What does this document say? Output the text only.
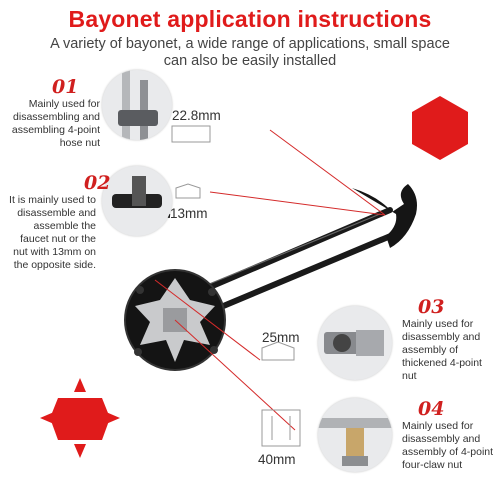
Bayonet application instructions
A variety of bayonet, a wide range of applications, small space can also be easily installed
01
Mainly used for disassembling and assembling 4-point hose nut
22.8mm
02
It is mainly used to disassemble and assemble the faucet nut or the nut with 13mm on the opposite side.
13mm
03
Mainly used for disassembly and assembly of thickened 4-point nut
25mm
04
Mainly used for disassembly and assembly of 4-point four-claw nut
40mm
